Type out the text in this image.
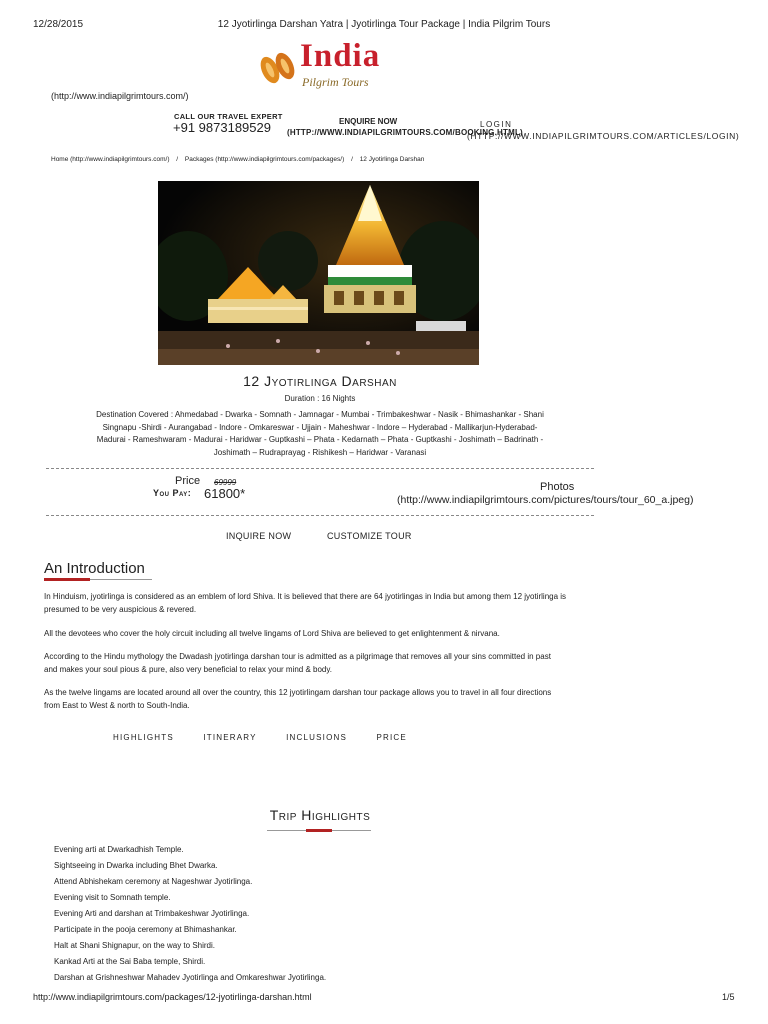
12/28/2015	12 Jyotirlinga Darshan Yatra | Jyotirlinga Tour Package | India Pilgrim Tours
India
Pilgrim Tours
(http://www.indiapilgrimtours.com/)
CALL OUR TRAVEL EXPERT
+91 9873189529	ENQUIRE NOW
(HTTP://WWW.INDIAPILGRIMTOURS.COM/BOOKING.HTML)
LOGIN
(HTTP://WWW.INDIAPILGRIMTOURS.COM/ARTICLES/LOGIN)
Home (http://www.indiapilgrimtours.com/) / Packages (http://www.indiapilgrimtours.com/packages/) / 12 Jyotirlinga Darshan
12 Jyotirlinga Darshan
Duration : 16 Nights
Destination Covered : Ahmedabad - Dwarka - Somnath - Jamnagar - Mumbai - Trimbakeshwar - Nasik - Bhimashankar - Shani
Singnapu -Shirdi - Aurangabad - Indore - Omkareswar - Ujjain - Maheshwar - Indore – Hyderabad - Mallikarjun-Hyderabad-
Madurai - Rameshwaram - Madurai - Haridwar - Guptkashi – Phata - Kedarnath – Phata - Guptkashi - Joshimath – Badrinath -
Joshimath – Rudraprayag - Rishikesh – Haridwar - Varanasi
Price 69999
You Pay: 61800*	Photos
(http://www.indiapilgrimtours.com/pictures/tours/tour_60_a.jpeg)
INQUIRE NOW	CUSTOMIZE TOUR
An Introduction
In Hinduism, jyotirlinga is considered as an emblem of lord Shiva. It is believed that there are 64 jyotirlingas in India but among them 12 jyotirlinga is
presumed to be very auspicious & revered.
All the devotees who cover the holy circuit including all twelve lingams of Lord Shiva are believed to get enlightenment & nirvana.
According to the Hindu mythology the Dwadash jyotirlinga darshan tour is admitted as a pilgrimage that removes all your sins committed in past
and makes your soul pious & pure, also very beneficial to relax your mind & body.
As the twelve lingams are located around all over the country, this 12 jyotirlingam darshan tour package allows you to travel in all four directions
from East to West & north to South-India.
HIGHLIGHTS	ITINERARY	INCLUSIONS	PRICE
Trip Highlights
Evening arti at Dwarkadhish Temple.
Sightseeing in Dwarka including Bhet Dwarka.
Attend Abhishekam ceremony at Nageshwar Jyotirlinga.
Evening visit to Somnath temple.
Evening Arti and darshan at Trimbakeshwar Jyotirlinga.
Participate in the pooja ceremony at Bhimashankar.
Halt at Shani Shignapur, on the way to Shirdi.
Kankad Arti at the Sai Baba temple, Shirdi.
Darshan at Grishneshwar Mahadev Jyotirlinga and Omkareshwar Jyotirlinga.
http://www.indiapilgrimtours.com/packages/12-jyotirlinga-darshan.html	1/5
